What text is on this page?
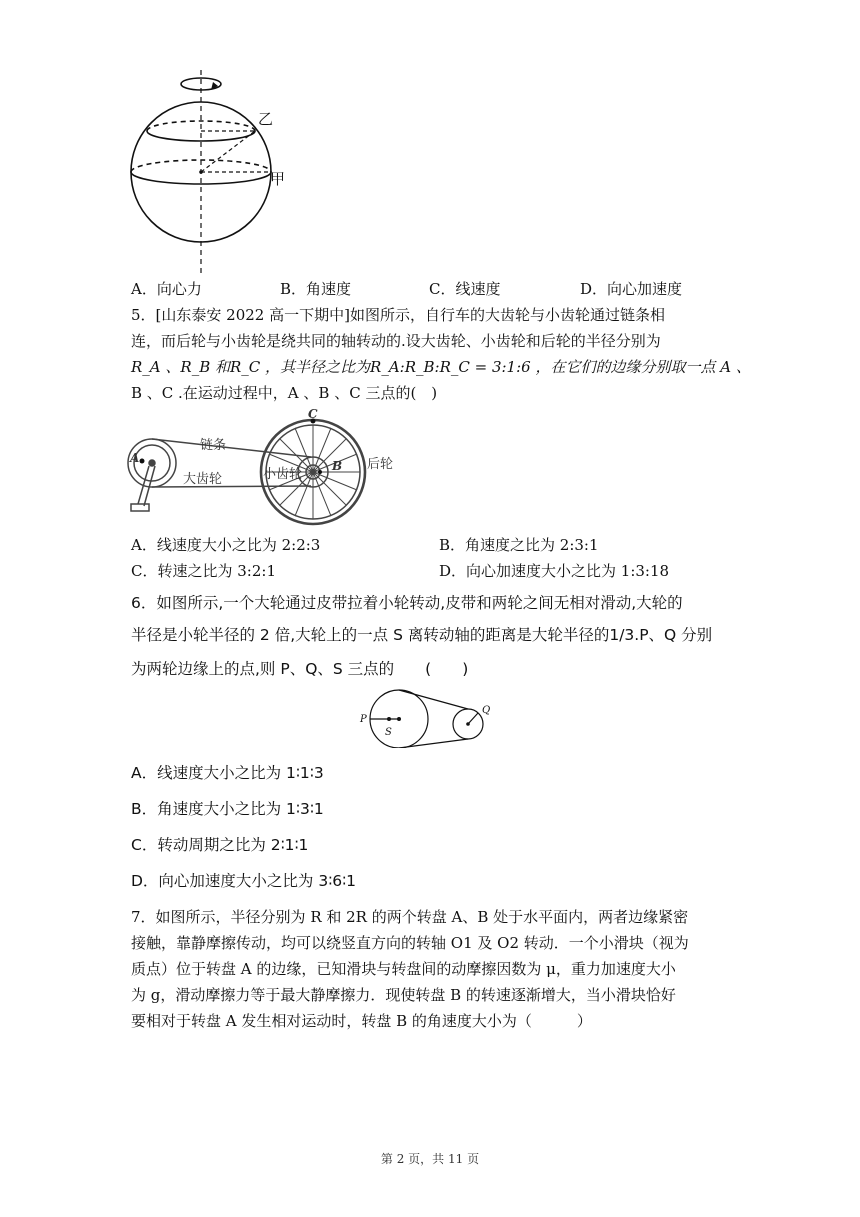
乙
甲
A．向心力	B．角速度	C．线速度	D．向心加速度
5．[山东泰安 2022 高一下期中]如图所示，自行车的大齿轮与小齿轮通过链条相
连，而后轮与小齿轮是绕共同的轴转动的.设大齿轮、小齿轮和后轮的半径分别为
R_A 、R_B 和R_C ，其半径之比为R_A:R_B:R_C = 3:1:6 ，在它们的边缘分别取一点 A 、
B 、C .在运动过程中，A 、B 、C 三点的(　)
A
C
B
链条
大齿轮	小齿轮
后轮
A．线速度大小之比为 2:2:3	B．角速度之比为 2:3:1
C．转速之比为 3:2:1	D．向心加速度大小之比为 1:3:18
6．如图所示,一个大轮通过皮带拉着小轮转动,皮带和两轮之间无相对滑动,大轮的
半径是小轮半径的 2 倍,大轮上的一点 S 离转动轴的距离是大轮半径的1/3.P、Q 分别
为两轮边缘上的点,则 P、Q、S 三点的　　(　　)
P
S
Q
A．线速度大小之比为 1∶1∶3
B．角速度大小之比为 1∶3∶1
C．转动周期之比为 2∶1∶1
D．向心加速度大小之比为 3∶6∶1
7．如图所示，半径分别为 R 和 2R 的两个转盘 A、B 处于水平面内，两者边缘紧密
接触，靠静摩擦传动，均可以绕竖直方向的转轴 O1 及 O2 转动．一个小滑块（视为
质点）位于转盘 A 的边缘，已知滑块与转盘间的动摩擦因数为 μ，重力加速度大小
为 g，滑动摩擦力等于最大静摩擦力．现使转盘 B 的转速逐渐增大，当小滑块恰好
要相对于转盘 A 发生相对运动时，转盘 B 的角速度大小为（　　　）
第 2 页，共 11 页
